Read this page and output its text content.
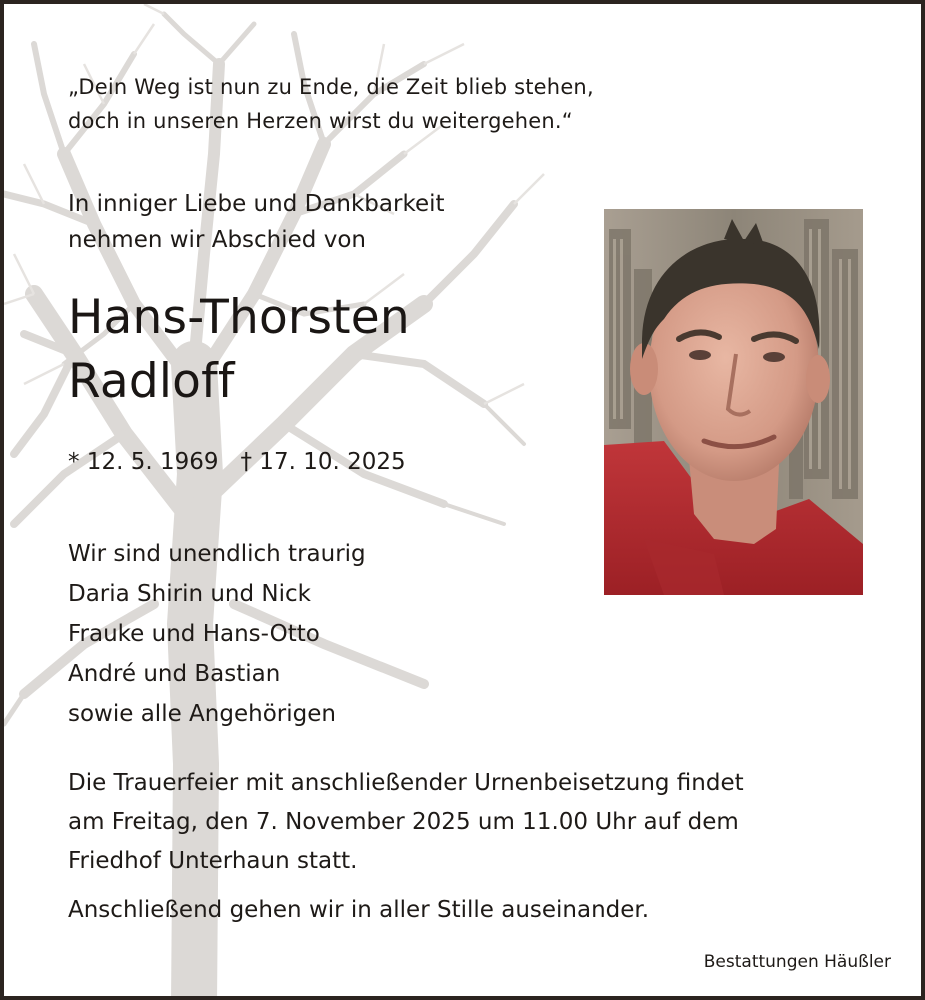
„Dein Weg ist nun zu Ende, die Zeit blieb stehen,
doch in unseren Herzen wirst du weitergehen.“
In inniger Liebe und Dankbarkeit
nehmen wir Abschied von
Hans-Thorsten
Radloff
* 12. 5. 1969 † 17. 10. 2025
Wir sind unendlich traurig
Daria Shirin und Nick
Frauke und Hans-Otto
André und Bastian
sowie alle Angehörigen
Die Trauerfeier mit anschließender Urnenbeisetzung findet
am Freitag, den 7. November 2025 um 11.00 Uhr auf dem
Friedhof Unterhaun statt.
Anschließend gehen wir in aller Stille auseinander.
Bestattungen Häußler
